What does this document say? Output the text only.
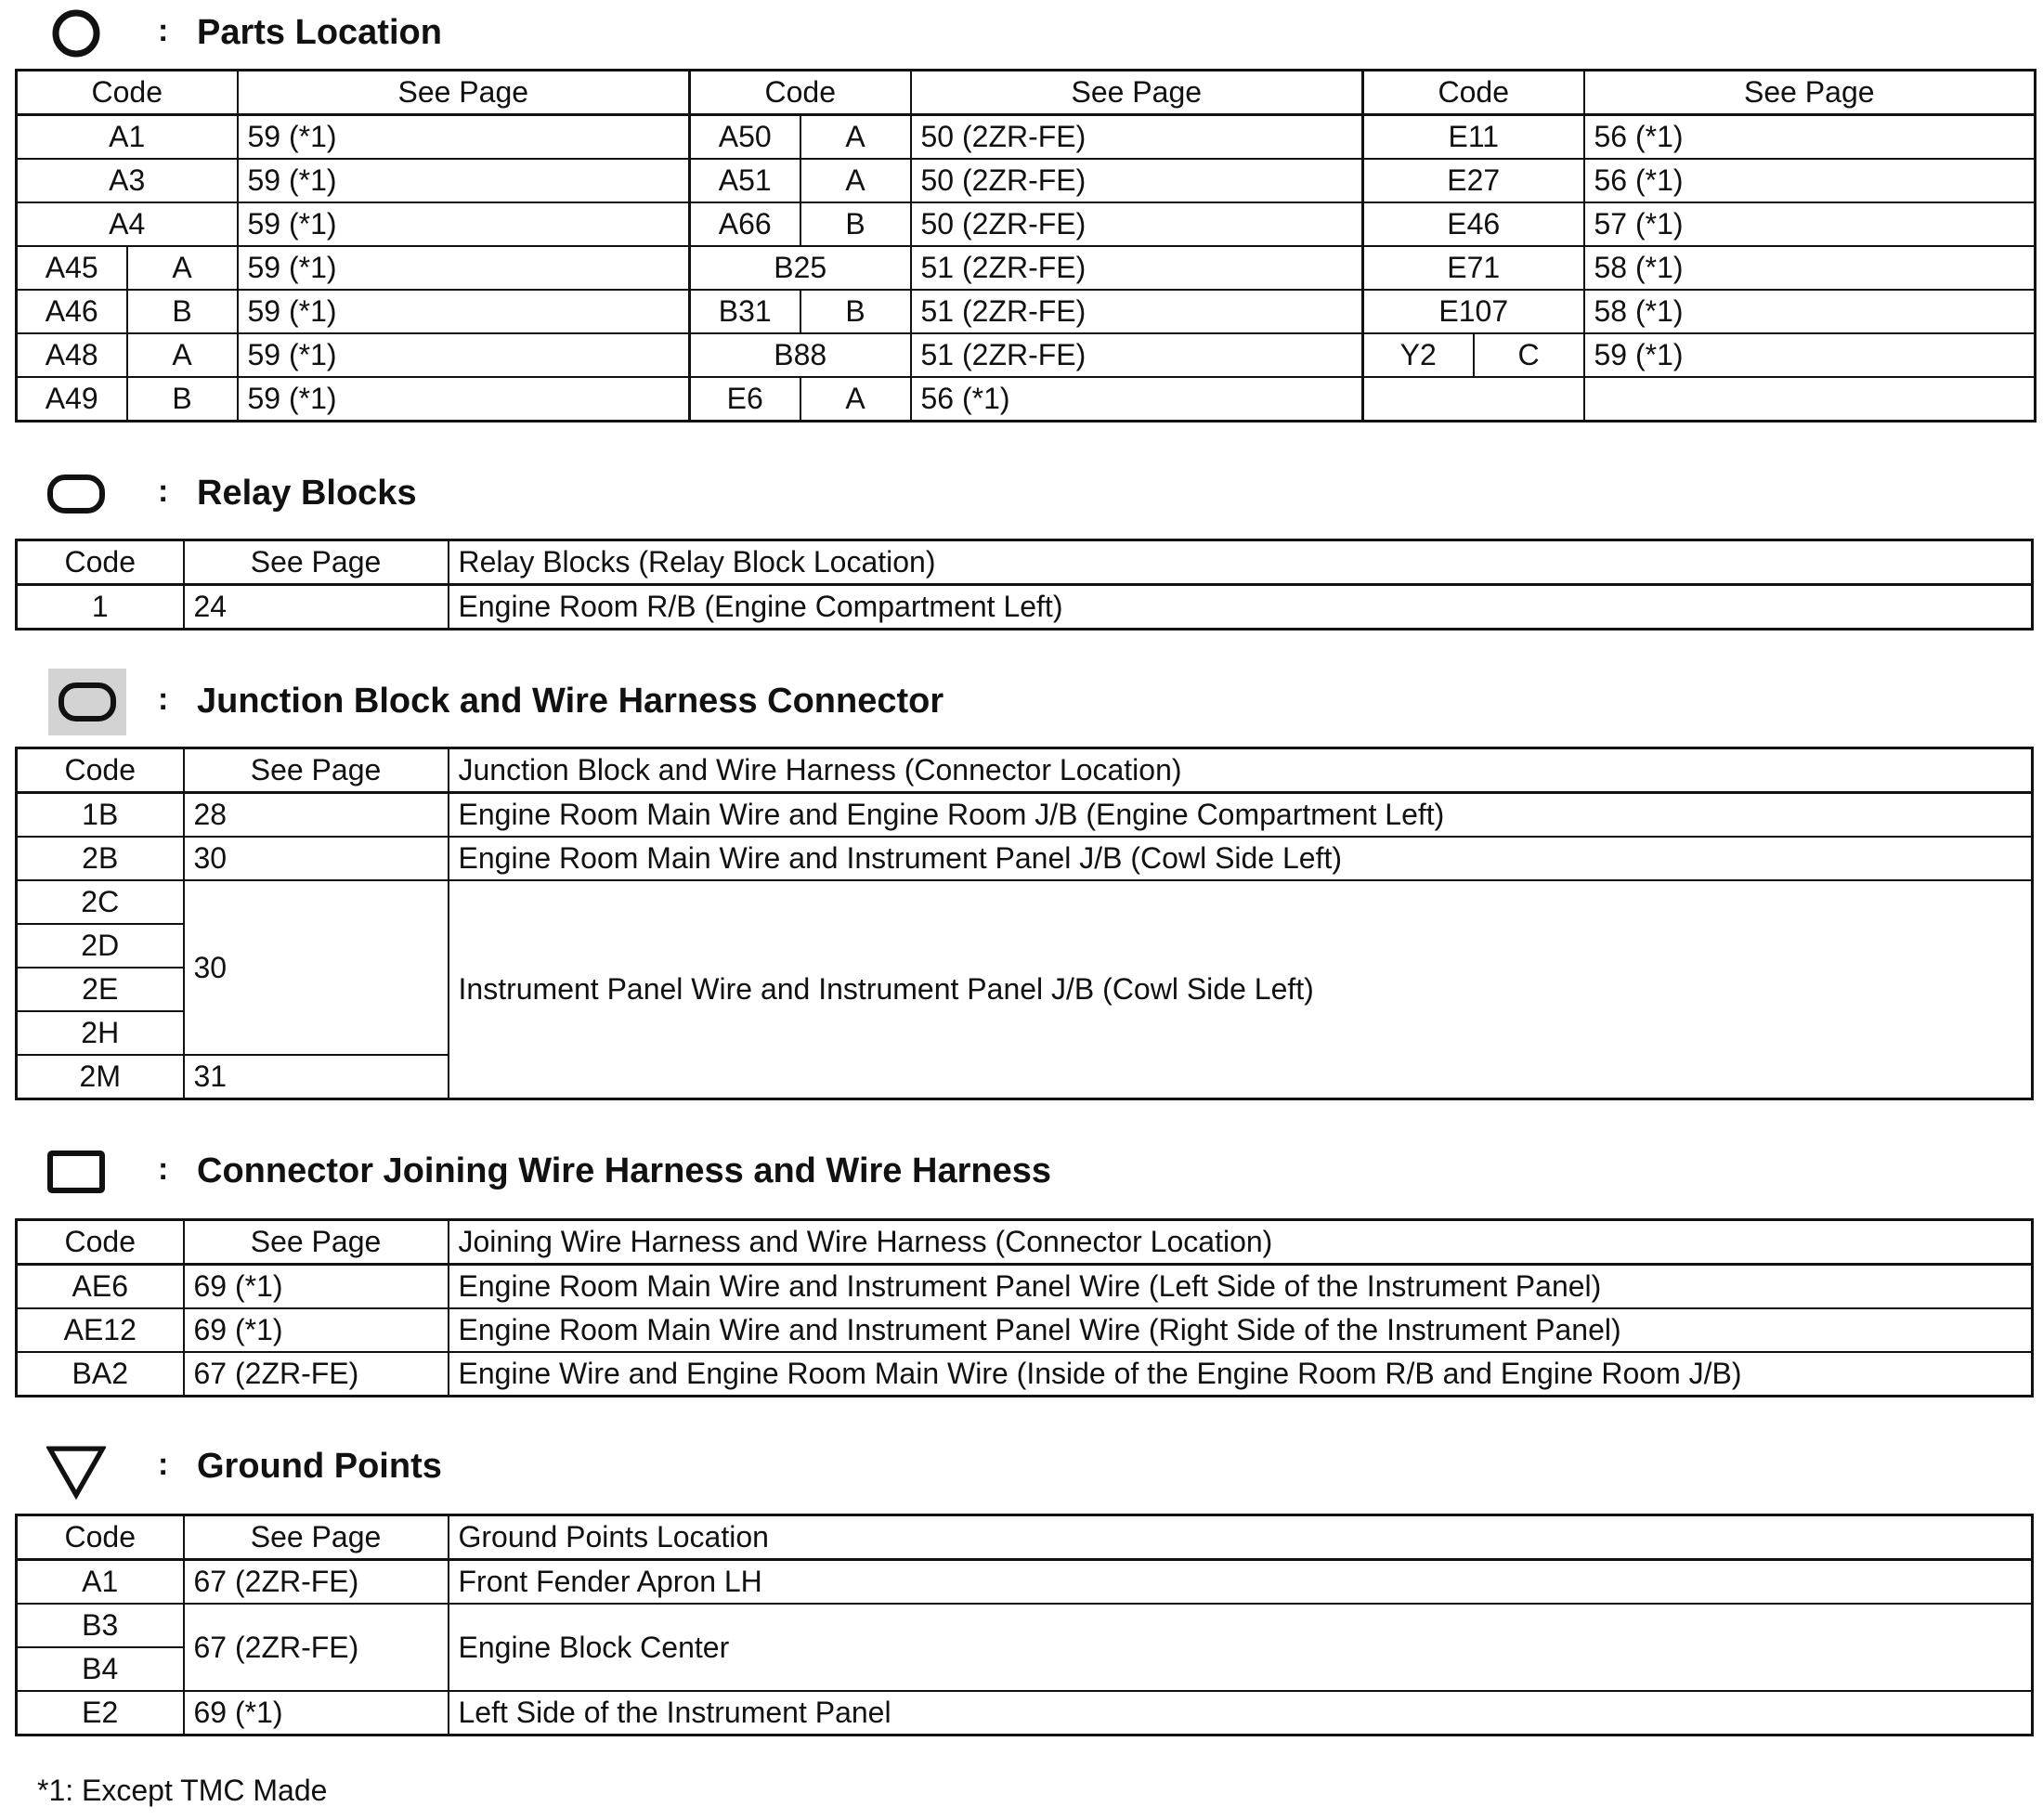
: Parts Location
Code		See Page	Code		See Page	Code		See Page
A1		59 (*1)	A50	A	50 (2ZR-FE)	E11		56 (*1)
A3		59 (*1)	A51	A	50 (2ZR-FE)	E27		56 (*1)
A4		59 (*1)	A66	B	50 (2ZR-FE)	E46		57 (*1)
A45	A	59 (*1)	B25		51 (2ZR-FE)	E71		58 (*1)
A46	B	59 (*1)	B31	B	51 (2ZR-FE)	E107		58 (*1)
A48	A	59 (*1)	B88		51 (2ZR-FE)	Y2	C	59 (*1)
A49	B	59 (*1)	E6	A	56 (*1)			
: Relay Blocks
Code	See Page	Relay Blocks (Relay Block Location)
1	24	Engine Room R/B (Engine Compartment Left)
: Junction Block and Wire Harness Connector
Code	See Page	Junction Block and Wire Harness (Connector Location)
1B	28	Engine Room Main Wire and Engine Room J/B (Engine Compartment Left)
2B	30	Engine Room Main Wire and Instrument Panel J/B (Cowl Side Left)
2C	30	Instrument Panel Wire and Instrument Panel J/B (Cowl Side Left)
2D		
2E		
2H		
2M	31	
: Connector Joining Wire Harness and Wire Harness
Code	See Page	Joining Wire Harness and Wire Harness (Connector Location)
AE6	69 (*1)	Engine Room Main Wire and Instrument Panel Wire (Left Side of the Instrument Panel)
AE12	69 (*1)	Engine Room Main Wire and Instrument Panel Wire (Right Side of the Instrument Panel)
BA2	67 (2ZR-FE)	Engine Wire and Engine Room Main Wire (Inside of the Engine Room R/B and Engine Room J/B)
: Ground Points
Code	See Page	Ground Points Location
A1	67 (2ZR-FE)	Front Fender Apron LH
B3	67 (2ZR-FE)	Engine Block Center
B4		
E2	69 (*1)	Left Side of the Instrument Panel
*1: Except TMC Made
